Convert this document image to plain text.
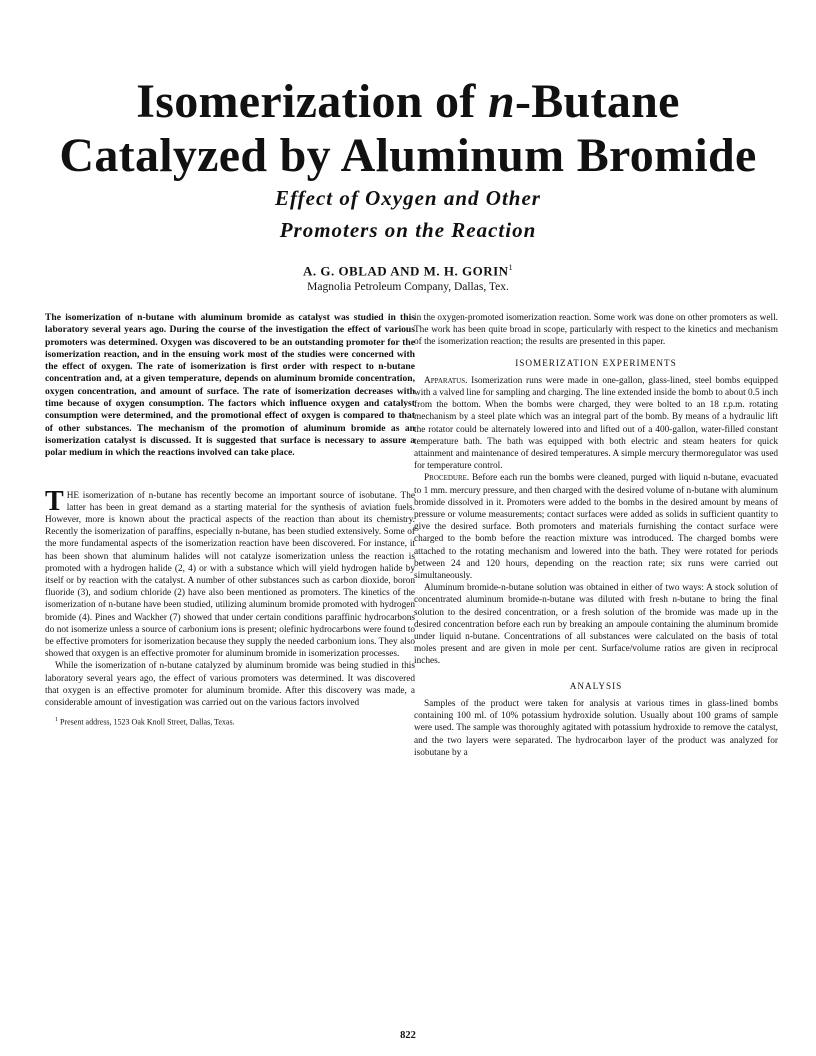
Isomerization of n-Butane
Catalyzed by Aluminum Bromide
Effect of Oxygen and Other
Promoters on the Reaction
A. G. OBLAD AND M. H. GORIN$^1$
Magnolia Petroleum Company, Dallas, Tex.
The isomerization of n-butane with aluminum bromide as catalyst was studied in this laboratory several years ago. During the course of the investigation the effect of various promoters was determined. Oxygen was discovered to be an outstanding promoter for the isomerization reaction, and in the ensuing work most of the studies were concerned with the effect of oxygen. The rate of isomerization is first order with respect to n-butane concentration and, at a given temperature, depends on aluminum bromide concentration, oxygen concentration, and amount of surface. The rate of isomerization decreases with time because of oxygen consumption. The factors which influence oxygen and catalyst consumption were determined, and the promotional effect of oxygen is compared to that of other substances. The mechanism of the promotion of aluminum bromide as an isomerization catalyst is discussed. It is suggested that surface is necessary to assure a polar medium in which the reactions involved can take place.

THE isomerization of n-butane has recently become an important source of isobutane. The latter has been in great demand as a starting material for the synthesis of aviation fuels. However, more is known about the practical aspects of the reaction than about its chemistry. Recently the isomerization of paraffins, especially n-butane, has been studied extensively. Some of the more fundamental aspects of the isomerization reaction have been discovered. For instance, it has been shown that aluminum halides will not catalyze isomerization unless the reaction is promoted with a hydrogen halide (2, 4) or with a substance which will yield hydrogen halide by itself or by reaction with the catalyst. A number of other substances such as carbon dioxide, boron fluoride (3), and sodium chloride (2) have also been mentioned as promoters. The kinetics of the isomerization of n-butane have been studied, utilizing aluminum bromide promoted with hydrogen bromide (4). Pines and Wackher (7) showed that under certain conditions paraffinic hydrocarbons do not isomerize unless a source of carbonium ions is present; olefinic hydrocarbons were found to be effective promoters for isomerization because they supply the needed carbonium ions. They also showed that oxygen is an effective promoter for aluminum bromide in isomerization processes.

While the isomerization of n-butane catalyzed by aluminum bromide was being studied in this laboratory several years ago, the effect of various promoters was determined. It was discovered that oxygen is an effective promoter for aluminum bromide. After this discovery was made, a considerable amount of investigation was carried out on the various factors involved

$^1$ Present address, 1523 Oak Knoll Street, Dallas, Texas.

in the oxygen-promoted isomerization reaction. Some work was done on other promoters as well. The work has been quite broad in scope, particularly with respect to the kinetics and mechanism of the isomerization reaction; the results are presented in this paper.

ISOMERIZATION EXPERIMENTS

Apparatus. Isomerization runs were made in one-gallon, glass-lined, steel bombs equipped with a valved line for sampling and charging. The line extended inside the bomb to about 0.5 inch from the bottom. When the bombs were charged, they were bolted to an 18 r.p.m. rotating mechanism by a steel plate which was an integral part of the bomb. By means of a hydraulic lift the rotator could be alternately lowered into and lifted out of a 400-gallon, water-filled constant temperature bath. The bath was equipped with both electric and steam heaters for quick attainment and maintenance of desired temperatures. A simple mercury thermoregulator was used for temperature control.

Procedure. Before each run the bombs were cleaned, purged with liquid n-butane, evacuated to 1 mm. mercury pressure, and then charged with the desired volume of n-butane with aluminum bromide dissolved in it. Promoters were added to the bombs in the desired amount by means of pressure or volume measurements; contact surfaces were added as solids in sufficient quantity to give the desired surface. Both promoters and materials furnishing the contact surface were charged to the bomb before the reaction mixture was introduced. The charged bombs were attached to the rotating mechanism and lowered into the bath. They were rotated for periods between 24 and 120 hours, depending on the reaction rate; six runs were carried out simultaneously.

Aluminum bromide-n-butane solution was obtained in either of two ways: A stock solution of concentrated aluminum bromide-n-butane was diluted with fresh n-butane to bring the final solution to the desired concentration, or a fresh solution of the bromide was made up in the desired concentration before each run by breaking an ampoule containing the aluminum bromide under liquid n-butane. Concentrations of all substances were calculated on the basis of total moles present and are given in mole per cent. Surface/volume ratios are given in reciprocal inches.

ANALYSIS

Samples of the product were taken for analysis at various times in glass-lined bombs containing 100 ml. of 10% potassium hydroxide solution. Usually about 100 grams of sample were used. The sample was thoroughly agitated with potassium hydroxide to remove the catalyst, and the two layers were separated. The hydrocarbon layer of the product was analyzed for isobutane by a

822
